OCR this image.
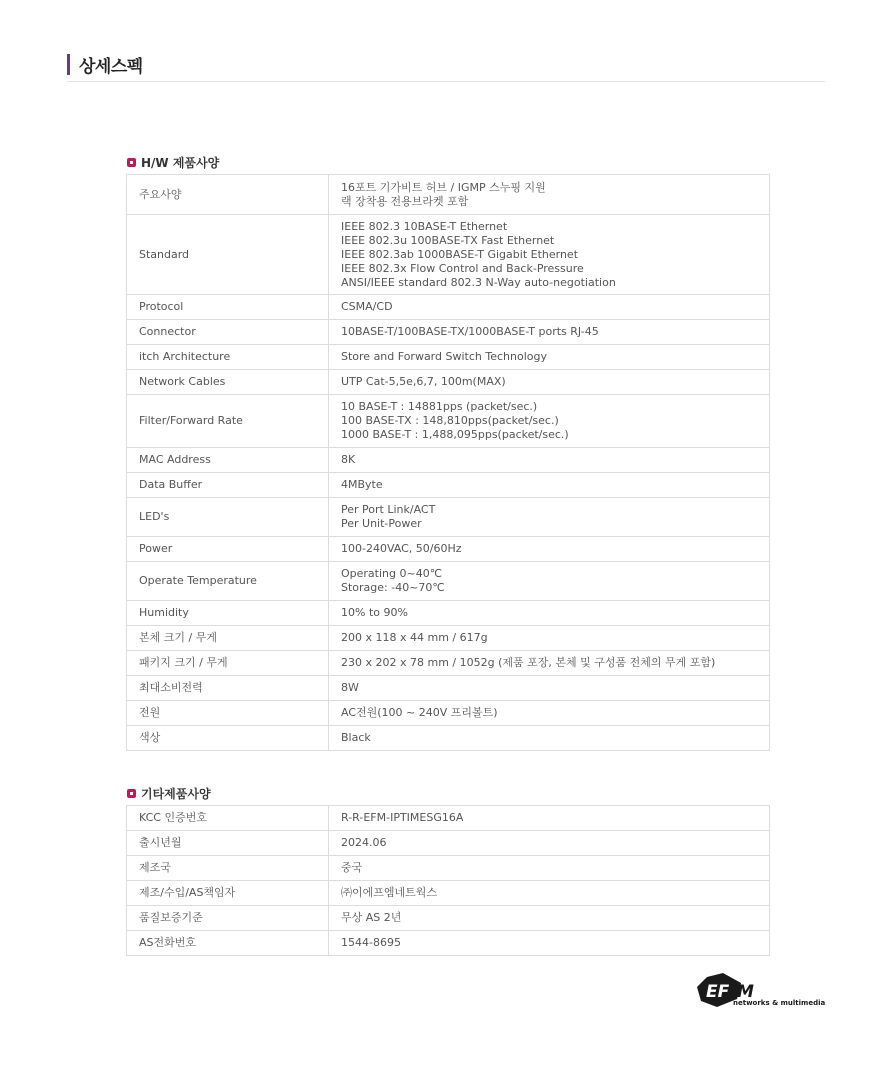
상세스펙
H/W 제품사양
주요사양	16포트 기가비트 허브 / IGMP 스누핑 지원
랙 장착용 전용브라켓 포함

Standard	IEEE 802.3 10BASE-T Ethernet
IEEE 802.3u 100BASE-TX Fast Ethernet
IEEE 802.3ab 1000BASE-T Gigabit Ethernet
IEEE 802.3x Flow Control and Back-Pressure
ANSI/IEEE standard 802.3 N-Way auto-negotiation

Protocol	CSMA/CD

Connector	10BASE-T/100BASE-TX/1000BASE-T ports RJ-45

itch Architecture	Store and Forward Switch Technology

Network Cables	UTP Cat-5,5e,6,7, 100m(MAX)

Filter/Forward Rate	10 BASE-T : 14881pps (packet/sec.)
100 BASE-TX : 148,810pps(packet/sec.)
1000 BASE-T : 1,488,095pps(packet/sec.)

MAC Address	8K

Data Buffer	4MByte

LED's	Per Port Link/ACT
Per Unit-Power

Power	100-240VAC, 50/60Hz

Operate Temperature	Operating 0~40℃
Storage: -40~70℃

Humidity	10% to 90%

본체 크기 / 무게	200 x 118 x 44 mm / 617g

패키지 크기 / 무게	230 x 202 x 78 mm / 1052g (제품 포장, 본체 및 구성품 전체의 무게 포함)

최대소비전력	8W

전원	AC전원(100 ~ 240V 프리볼트)

색상	Black
기타제품사양
KCC 인증번호	R-R-EFM-IPTIMESG16A

출시년월	2024.06

제조국	중국

제조/수입/AS책임자	㈜이에프엠네트웍스

품질보증기준	무상 AS 2년

AS전화번호	1544-8695
EF M
networks & multimedia
